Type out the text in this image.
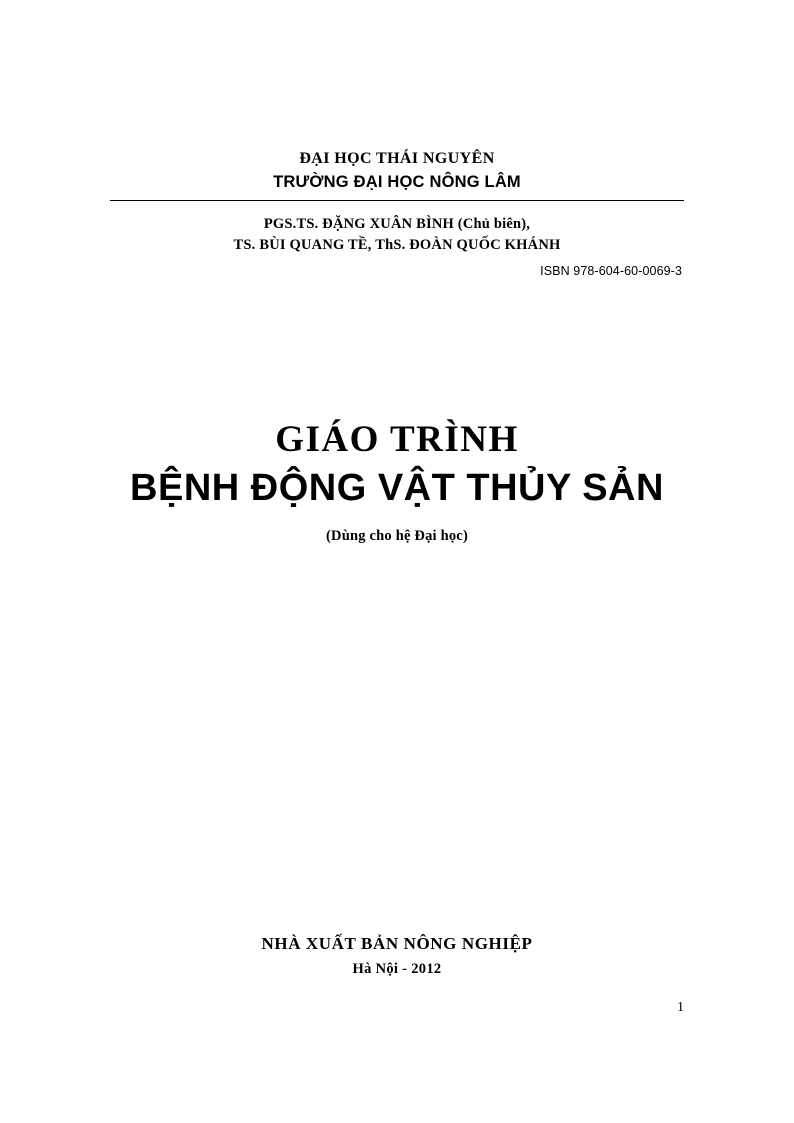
ĐẠI HỌC THÁI NGUYÊN
TRƯỜNG ĐẠI HỌC NÔNG LÂM
PGS.TS. ĐẶNG XUÂN BÌNH (Chủ biên),
TS. BÙI QUANG TỀ, ThS. ĐOÀN QUỐC KHÁNH
ISBN 978-604-60-0069-3
GIÁO TRÌNH
BỆNH ĐỘNG VẬT THỦY SẢN
(Dùng cho hệ Đại học)
NHÀ XUẤT BẢN NÔNG NGHIỆP
Hà Nội - 2012
1
